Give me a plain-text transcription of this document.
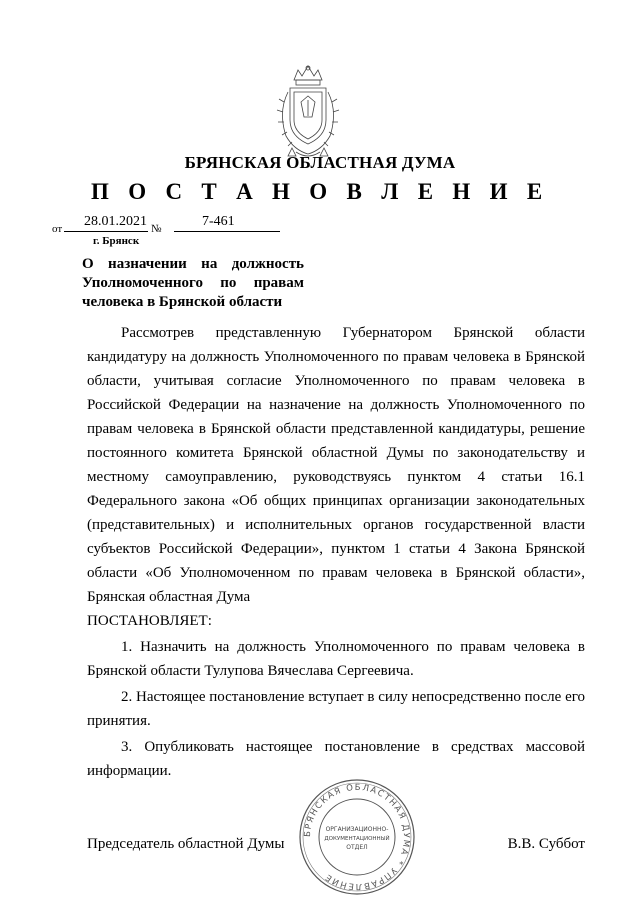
БРЯНСКАЯ ОБЛАСТНАЯ ДУМА
П О С Т А Н О В Л Е Н И Е
от 28.01.2021 №	7-461
г. Брянск
О назначении на должность Уполномоченного по правам человека в Брянской области

Рассмотрев представленную Губернатором Брянской области кандидатуру на должность Уполномоченного по правам человека в Брянской области, учитывая согласие Уполномоченного по правам человека в Российской Федерации на назначение на должность Уполномоченного по правам человека в Брянской области представленной кандидатуры, решение постоянного комитета Брянской областной Думы по законодательству и местному самоуправлению, руководствуясь пунктом 4 статьи 16.1 Федерального закона «Об общих принципах организации законодательных (представительных) и исполнительных органов государственной власти субъектов Российской Федерации», пунктом 1 статьи 4 Закона Брянской области «Об Уполномоченном по правам человека в Брянской области», Брянская областная Дума

ПОСТАНОВЛЯЕТ:

1. Назначить на должность Уполномоченного по правам человека в Брянской области Тулупова Вячеслава Сергеевича.

2. Настоящее постановление вступает в силу непосредственно после его принятия.

3. Опубликовать настоящее постановление в средствах массовой информации.

БРЯНСКАЯ ОБЛАСТНАЯ ДУМА * УПРАВЛЕНИЕ
ОРГАНИЗАЦИОННО-
ДОКУМЕНТАЦИОННЫЙ
ОТДЕЛ
Председатель областной Думы	В.В. Суббот
